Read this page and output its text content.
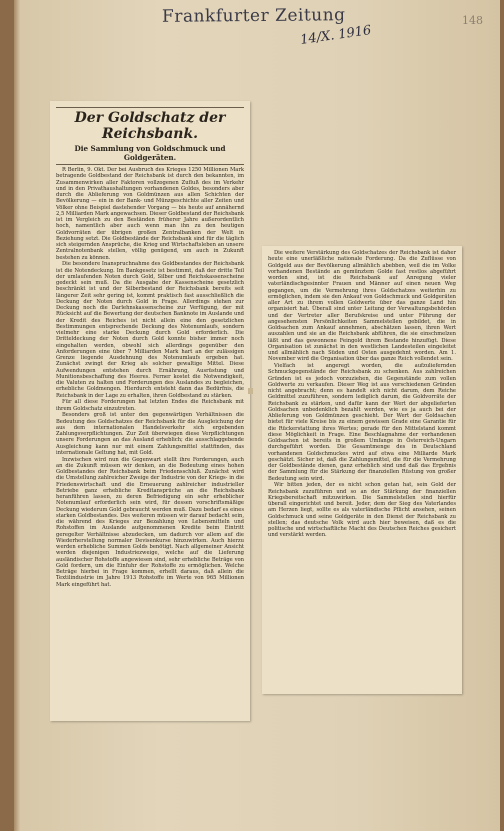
Frankfurter Zeitung
14/X. 1916
148
Der Goldschatz der Reichsbank.
Die Sammlung von Goldschmuck und Goldgeräten.

R Berlin, 9. Okt. Der bei Ausbruch des Krieges 1250 Millionen Mark betragende Goldbestand der Reichsbank ist durch den bekannten, im Zusammenwirken aller Faktoren vollzogenen Zufluß des im Verkehr und in den Privathaushaltungen vorhandenen Goldes, besonders aber durch die Ablieferung von Goldmünzen aus allen Schichten der Bevölkerung — ein in der Bank- und Münzgeschichte aller Zeiten und Völker ohne Beispiel dastehender Vorgang — bis heute auf annähernd 2,5 Milliarden Mark angewachsen. Dieser Goldbestand der Reichsbank ist im Vergleich zu den Beständen früherer Jahre außerordentlich hoch, namentlich aber auch wenn man ihn zu den heutigen Goldvorräten der übrigen großen Zentralbanken der Welt in Beziehung setzt. Die Goldbestände der Reichsbank sind für die täglich sich steigernden Ansprüche, die Krieg und Wirtschaftsleben an unsere Zentralnotenbank stellen, völlig genügend, um auch in Zukunft bestehen zu können.

Die besondere Inanspruchnahme des Goldbestandes der Reichsbank ist die Notendeckung. Im Bankgesetz ist bestimmt, daß der dritte Teil der umlaufenden Noten durch Gold, Silber und Reichskassenscheine gedeckt sein muß. Da die Ausgabe der Kassenscheine gesetzlich beschränkt ist und der Silberbestand der Reichsbank bereits seit längerer Zeit sehr gering ist, kommt praktisch fast ausschließlich die Deckung der Noten durch Gold in Frage. Allerdings stehen zur Deckung noch die Darlehnskassenscheine zur Verfügung, der mit Rücksicht auf die Bewertung der deutschen Banknote im Auslande und der Kredit des Reiches ist nicht allein eine den gesetzlichen Bestimmungen entsprechende Deckung des Notenumlaufs, sondern vielmehr eine starke Deckung durch Gold erforderlich. Die Dritteldeckung der Noten durch Gold konnte bisher immer noch eingehalten werden, obwohl sich allerdings gegenüber den Anforderungen eine über 7 Milliarden Mark hart an der zulässigen Grenze liegende Ausdehnung des Notenumlaufs ergeben hat. Zunächst zwingt der Krieg als solcher gewaltige Mittel. Diese Aufwendungen entstehen durch Ernährung, Ausrüstung und Munitionsbeschaffung des Heeres. Ferner kostet die Notwendigkeit, die Valuten zu halten und Forderungen des Auslandes zu begleichen, erhebliche Goldmengen. Hierdurch entsteht dann das Bedürfnis, die Reichsbank in der Lage zu erhalten, ihren Goldbestand zu stärken.

Für all diese Forderungen hat letzten Endes die Reichsbank mit ihrem Goldschatz einzutreten.

Besonders groß ist unter den gegenwärtigen Verhältnissen die Bedeutung des Goldschatzes der Reichsbank für die Ausgleichung der aus dem internationalen Handelsverkehr sich ergebenden Zahlungsverpflichtungen. Zur Zeit überwiegen diese Verpflichtungen unsere Forderungen an das Ausland erheblich; die ausschlaggebende Ausgleichung kann nur mit einem Zahlungsmittel stattfinden, das internationale Geltung hat, mit Gold.

Inzwischen wird nun die Gegenwart stellt ihre Forderungen, auch an die Zukunft müssen wir denken, an die Bedeutung eines hohen Goldbestandes der Reichsbank beim Friedensschluß. Zunächst wird die Umstellung zahlreicher Zweige der Industrie von der Kriegs- in die Friedenswirtschaft und die Erneuerung zahlreicher industrieller Betriebe ganz erhebliche Kreditansprüche an die Reichsbank heranführen lassen, zu deren Befriedigung ein sehr erheblicher Notenumlauf erforderlich sein wird, für dessen vorschriftsmäßige Deckung wiederum Gold gebraucht werden muß. Dazu bedarf es eines starken Goldbestandes. Des weiteren müssen wir darauf bedacht sein, die während des Krieges zur Bezahlung von Lebensmitteln und Rohstoffen im Auslande aufgenommenen Kredite beim Eintritt geregelter Verhältnisse abzudecken, um dadurch vor allem auf die Wiederherstellung normaler Devisenkurse hinzuwirken. Auch hierzu werden erhebliche Summen Golds benötigt. Nach allgemeiner Ansicht werden diejenigen Industriezweige, welche auf die Lieferung ausländischer Rohstoffe angewiesen sind, sehr erhebliche Beträge von Gold fordern, um die Einfuhr der Rohstoffe zu ermöglichen. Welche Beträge hierbei in Frage kommen, erhellt daraus, daß allein die Textilindustrie im Jahre 1913 Rohstoffe im Werte von 965 Millionen Mark eingeführt hat.

Die weitere Verstärkung des Goldschatzes der Reichsbank ist daher heute eine unerläßliche nationale Forderung. Da die Zuflüsse von Goldgeld aus der Bevölkerung allmählich abebben, weil die im Volke vorhandenen Bestände an gemünztem Golde fast restlos abgeführt worden sind, ist die Reichsbank auf Anregung vieler vaterländischgesinnter Frauen und Männer auf einen neuen Weg gegangen, um die Vermehrung ihres Goldschatzes weiterhin zu ermöglichen, indem sie den Ankauf von Goldschmuck und Goldgeräten aller Art zu ihrem vollen Goldwerte über das ganze Land hin organisiert hat. Überall sind unter Leitung der Verwaltungsbehörden und der Vertreter aller Berufskreise und unter Führung der angesehensten Persönlichkeiten Sammelstellen gebildet, die in Goldsachen zum Ankauf annehmen, abschätzen lassen, ihren Wert auszahlen und sie an die Reichsbank abführen, die sie einschmelzen läßt und das gewonnene Feingold ihrem Bestande hinzufügt. Diese Organisation ist zunächst in den westlichen Landesteilen eingeleitet und allmählich nach Süden und Osten ausgedehnt worden. Am 1. November wird die Organisation über das ganze Reich vollendet sein.

Vielfach ist angeregt worden, die aufzuliefernden Schmuckgegenstände der Reichsbank zu schenken. Aus zahlreichen Gründen ist es jedoch vorzuziehen, die Gegenstände zum vollen Goldwerte zu verkaufen. Dieser Weg ist aus verschiedenen Gründen nicht angebracht; denn es handelt sich nicht darum, dem Reiche Geldmittel zuzuführen, sondern lediglich darum, die Goldvorräte der Reichsbank zu stärken, und dafür kann der Wert der abgelieferten Goldsachen unbedenklich bezahlt werden, wie es ja auch bei der Ablieferung von Goldmünzen geschieht. Der Wert der Goldsachen bietet für viele Kreise bis zu einem gewissen Grade eine Garantie für die Rückerstattung ihres Wertes; gerade für den Mittelstand kommt diese Möglichkeit in Frage. Eine Beschlagnahme der vorhandenen Goldsachen ist bereits in großem Umfange in Österreich-Ungarn durchgeführt worden. Die Gesamtmenge des in Deutschland vorhandenen Goldschmuckes wird auf etwa eine Milliarde Mark geschätzt. Sicher ist, daß die Zahlungsmittel, die für die Vermehrung der Goldbestände dienen, ganz erheblich sind und daß das Ergebnis der Sammlung für die Stärkung der finanziellen Rüstung von großer Bedeutung sein wird.

Wir bitten jeden, der es nicht schon getan hat, sein Gold der Reichsbank zuzuführen und so an der Stärkung der finanziellen Kriegsbereitschaft mitzuwirken. Die Sammelstellen sind hierfür überall eingerichtet und bereit. Jeder, dem der Sieg des Vaterlandes am Herzen liegt, sollte es als vaterländische Pflicht ansehen, seinen Goldschmuck und seine Goldgeräte in den Dienst der Reichsbank zu stellen; das deutsche Volk wird auch hier beweisen, daß es die politische und wirtschaftliche Macht des Deutschen Reiches gesichert und verstärkt werden.
